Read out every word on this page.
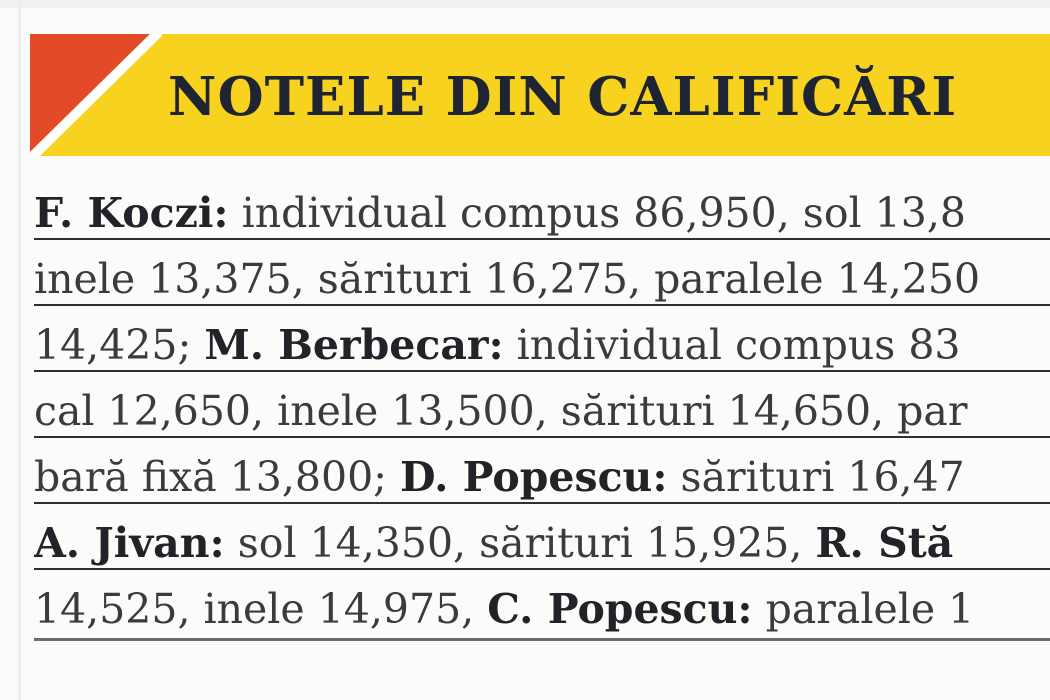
NOTELE DIN CALIFICĂRI
F. Koczi: individual compus 86,950, sol 13,8
inele 13,375, sărituri 16,275, paralele 14,250
14,425; M. Berbecar: individual compus 83
cal 12,650, inele 13,500, sărituri 14,650, par
bară fixă 13,800; D. Popescu: sărituri 16,47
A. Jivan: sol 14,350, sărituri 15,925, R. Stă
14,525, inele 14,975, C. Popescu: paralele 1
